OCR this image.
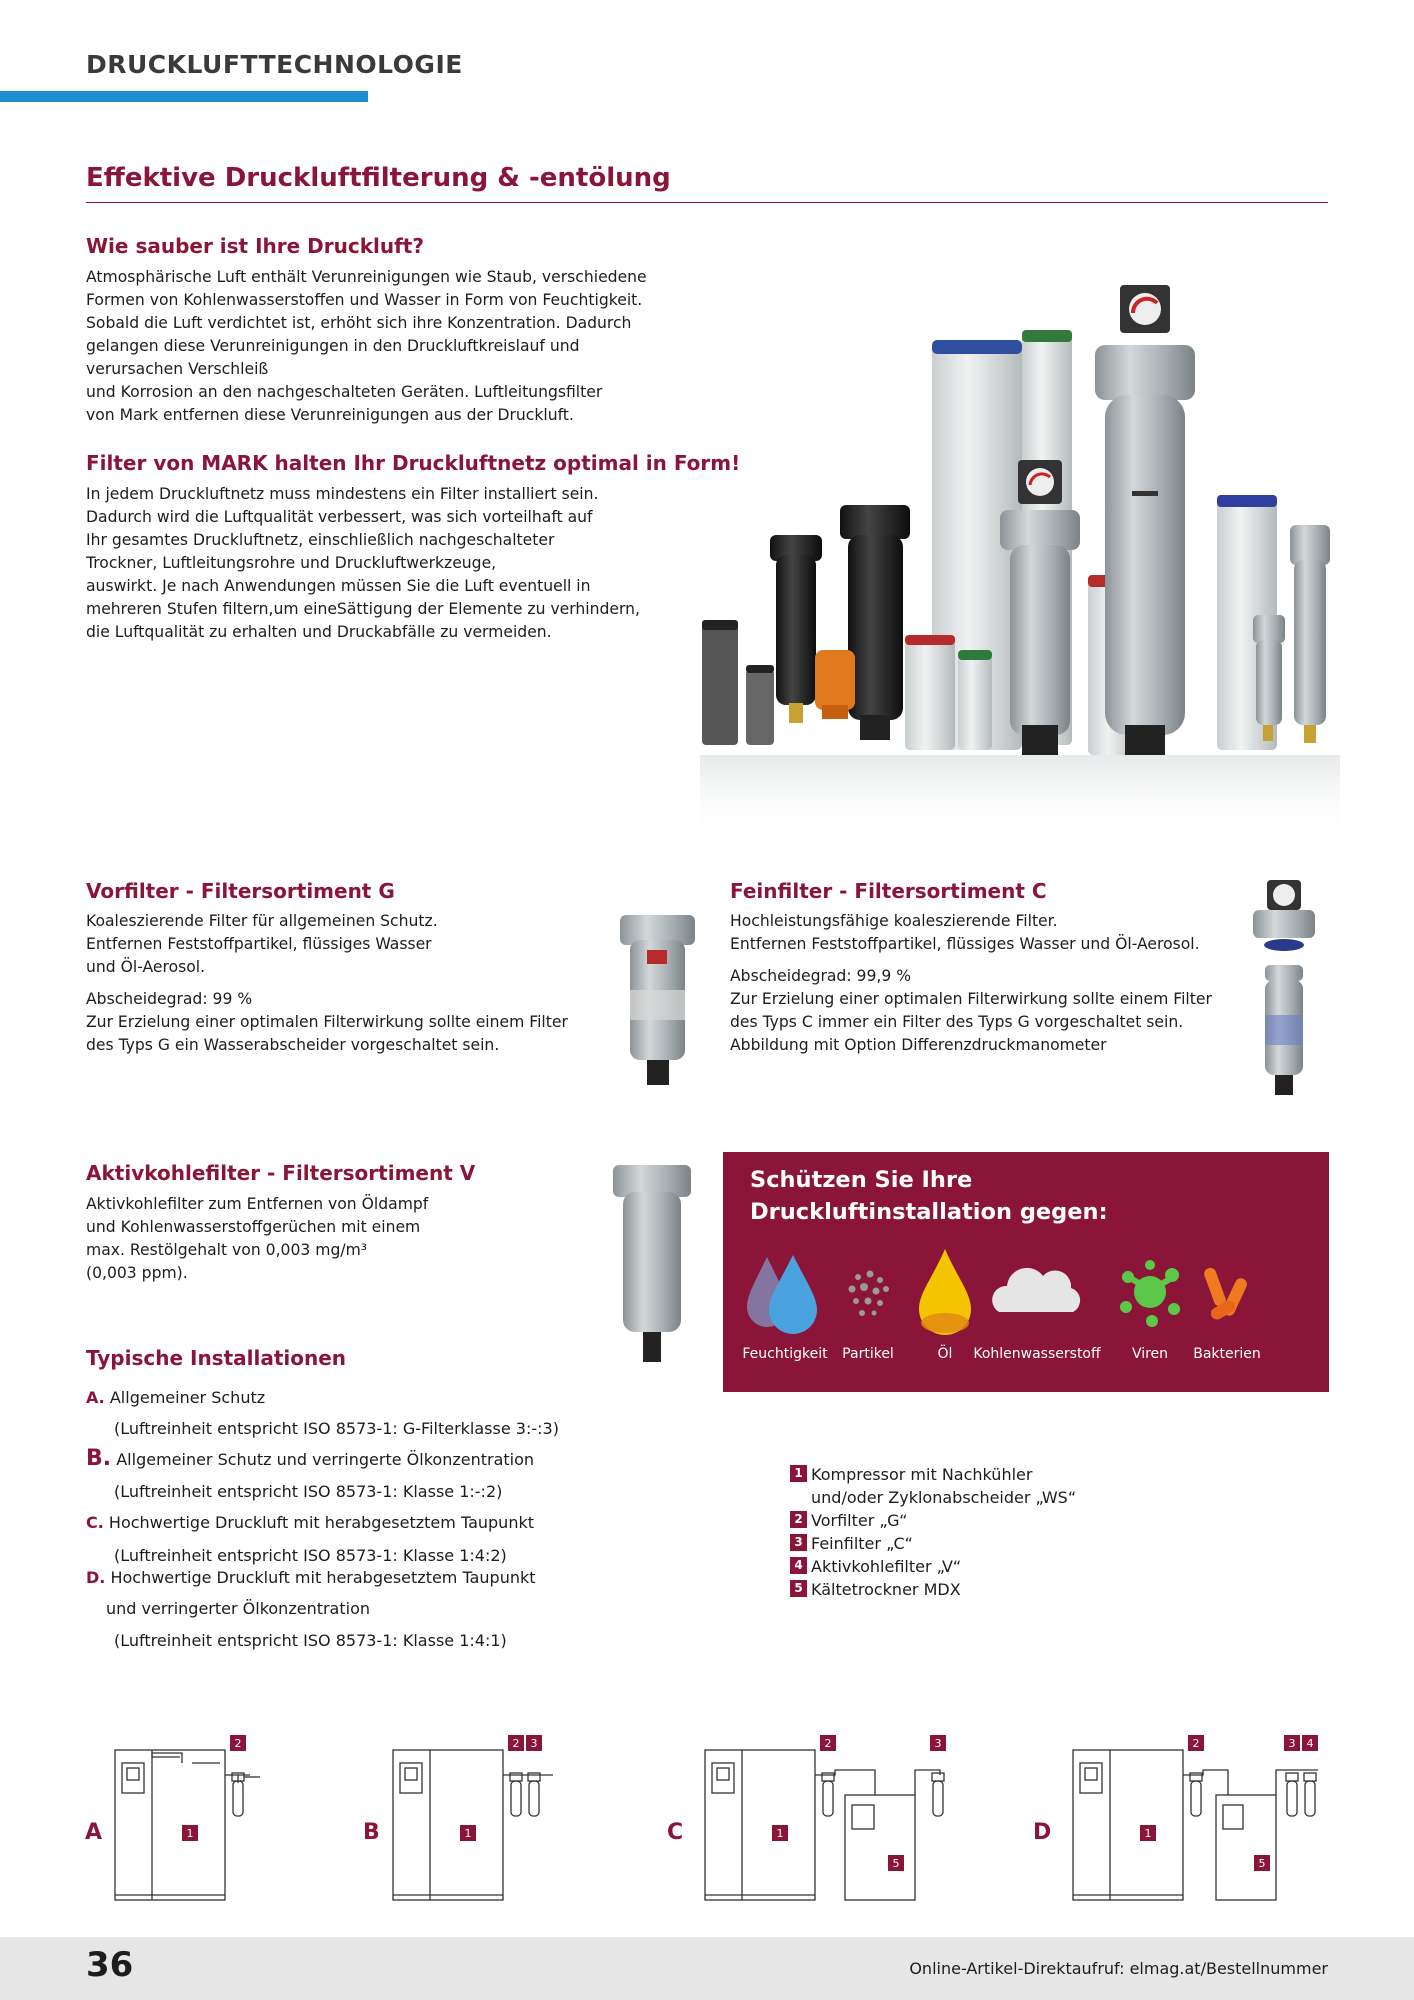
DRUCKLUFTTECHNOLOGIE
Effektive Druckluftfilterung & -entölung
Wie sauber ist Ihre Druckluft?
Atmosphärische Luft enthält Verunreinigungen wie Staub, verschiedene
Formen von Kohlenwasserstoffen und Wasser in Form von Feuchtigkeit.
Sobald die Luft verdichtet ist, erhöht sich ihre Konzentration. Dadurch
gelangen diese Verunreinigungen in den Druckluftkreislauf und
verursachen Verschleiß
und Korrosion an den nachgeschalteten Geräten. Luftleitungsfilter
von Mark entfernen diese Verunreinigungen aus der Druckluft.
Filter von MARK halten Ihr Druckluftnetz optimal in Form!
In jedem Druckluftnetz muss mindestens ein Filter installiert sein.
Dadurch wird die Luftqualität verbessert, was sich vorteilhaft auf
Ihr gesamtes Druckluftnetz, einschließlich nachgeschalteter
Trockner, Luftleitungsrohre und Druckluftwerkzeuge,
auswirkt. Je nach Anwendungen müssen Sie die Luft eventuell in
mehreren Stufen filtern,um eineSättigung der Elemente zu verhindern,
die Luftqualität zu erhalten und Druckabfälle zu vermeiden.
Vorfilter - Filtersortiment G
Koaleszierende Filter für allgemeinen Schutz.
Entfernen Feststoffpartikel, flüssiges Wasser
und Öl-Aerosol.
Abscheidegrad: 99 %
Zur Erzielung einer optimalen Filterwirkung sollte einem Filter
des Typs G ein Wasserabscheider vorgeschaltet sein.
Feinfilter - Filtersortiment C
Hochleistungsfähige koaleszierende Filter.
Entfernen Feststoffpartikel, flüssiges Wasser und Öl-Aerosol.
Abscheidegrad: 99,9 %
Zur Erzielung einer optimalen Filterwirkung sollte einem Filter
des Typs C immer ein Filter des Typs G vorgeschaltet sein.
Abbildung mit Option Differenzdruckmanometer
Aktivkohlefilter - Filtersortiment V
Aktivkohlefilter zum Entfernen von Öldampf
und Kohlenwasserstoffgerüchen mit einem
max. Restölgehalt von 0,003 mg/m³
(0,003 ppm).
Schützen Sie Ihre
Druckluftinstallation gegen:
Feuchtigkeit Partikel	Öl Kohlenwasserstoff Viren Bakterien
Typische Installationen
A. Allgemeiner Schutz
(Luftreinheit entspricht ISO 8573-1: G-Filterklasse 3:-:3)
B. Allgemeiner Schutz und verringerte Ölkonzentration
(Luftreinheit entspricht ISO 8573-1: Klasse 1:-:2)
C. Hochwertige Druckluft mit herabgesetztem Taupunkt
(Luftreinheit entspricht ISO 8573-1: Klasse 1:4:2)
D. Hochwertige Druckluft mit herabgesetztem Taupunkt
und verringerter Ölkonzentration
(Luftreinheit entspricht ISO 8573-1: Klasse 1:4:1)
1 Kompressor mit Nachkühler
und/oder Zyklonabscheider „WS“
2 Vorfilter „G“
3 Feinfilter „C“
4 Aktivkohlefilter „V“
5 Kältetrockner MDX
A	1
2
B	1
2 3
C	1
2	3
5
D	1
2	3 4
5
36	Online-Artikel-Direktaufruf: elmag.at/Bestellnummer
